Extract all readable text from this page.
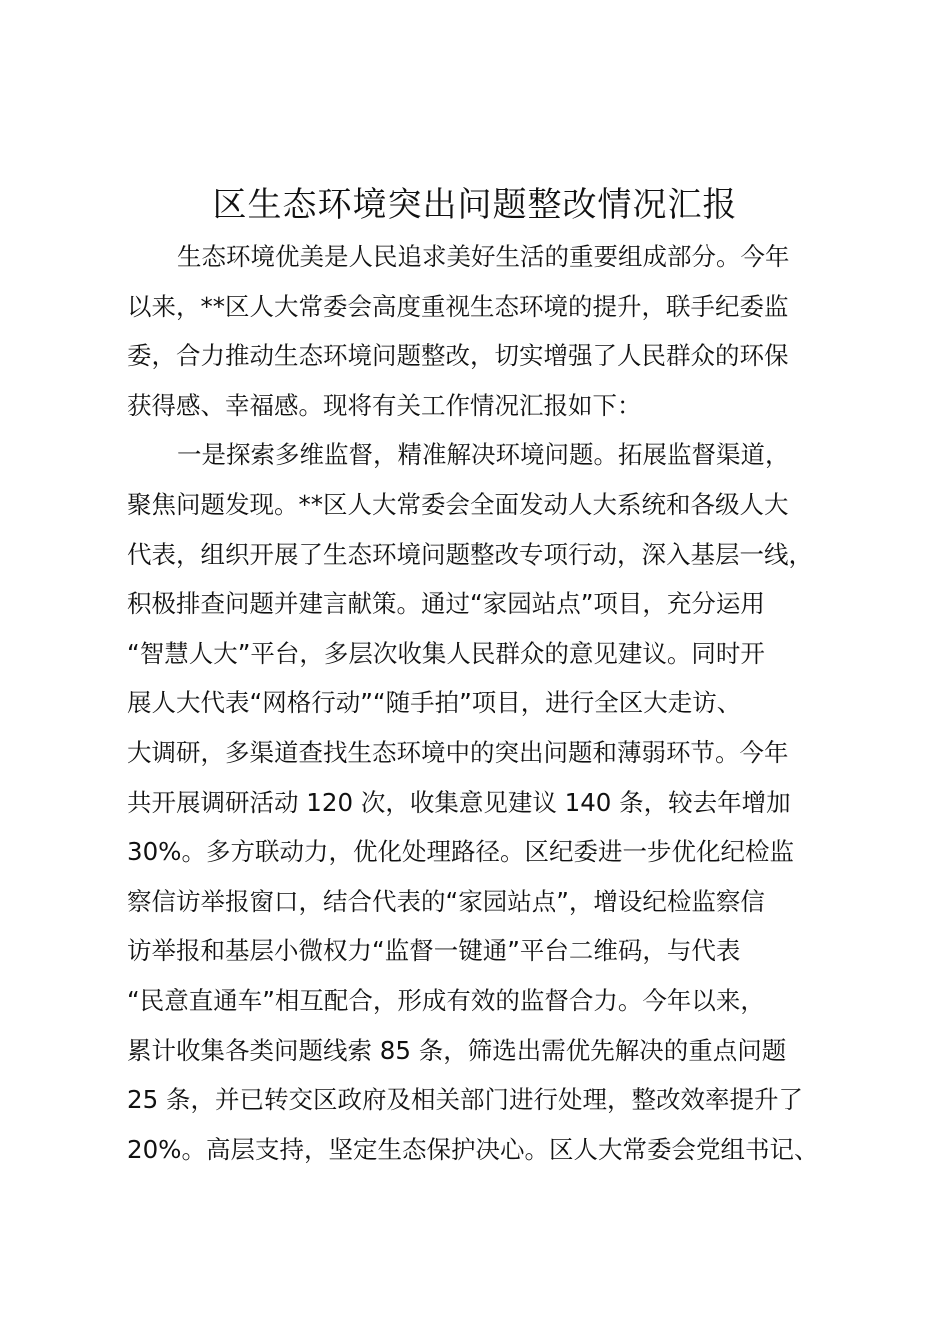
区生态环境突出问题整改情况汇报
生态环境优美是人民追求美好生活的重要组成部分。今年
以来，**区人大常委会高度重视生态环境的提升，联手纪委监
委，合力推动生态环境问题整改，切实增强了人民群众的环保
获得感、幸福感。现将有关工作情况汇报如下：
一是探索多维监督，精准解决环境问题。拓展监督渠道，
聚焦问题发现。**区人大常委会全面发动人大系统和各级人大
代表，组织开展了生态环境问题整改专项行动，深入基层一线，
积极排查问题并建言献策。通过“家园站点”项目，充分运用
“智慧人大”平台，多层次收集人民群众的意见建议。同时开
展人大代表“网格行动”“随手拍”项目，进行全区大走访、
大调研，多渠道查找生态环境中的突出问题和薄弱环节。今年
共开展调研活动 120 次，收集意见建议 140 条，较去年增加
30%。多方联动力，优化处理路径。区纪委进一步优化纪检监
察信访举报窗口，结合代表的“家园站点”，增设纪检监察信
访举报和基层小微权力“监督一键通”平台二维码，与代表
“民意直通车”相互配合，形成有效的监督合力。今年以来，
累计收集各类问题线索 85 条，筛选出需优先解决的重点问题
25 条，并已转交区政府及相关部门进行处理，整改效率提升了
20%。高层支持，坚定生态保护决心。区人大常委会党组书记、
